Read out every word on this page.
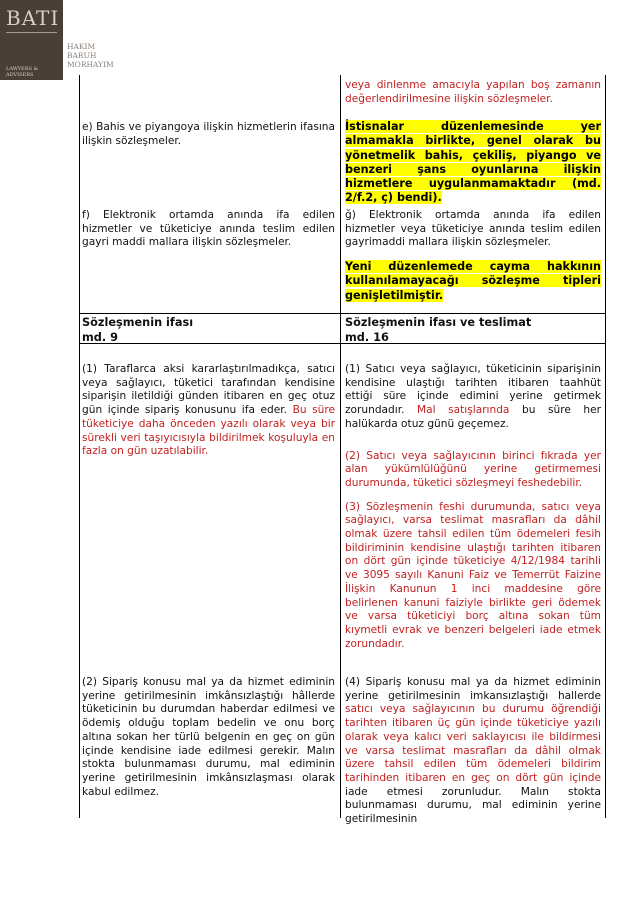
BATI
LAWYERS & ADVISERS
HAKIM
BARUH
MORHAYIM

veya dinlenme amacıyla yapılan boş zamanın değerlendirilmesine ilişkin sözleşmeler.

e) Bahis ve piyangoya ilişkin hizmetlerin ifasına ilişkin sözleşmeler.

İstisnalar düzenlemesinde yer almamakla birlikte, genel olarak bu yönetmelik bahis, çekiliş, piyango ve benzeri şans oyunlarına ilişkin hizmetlere uygulanmamaktadır (md. 2/f.2, ç) bendi).

f) Elektronik ortamda anında ifa edilen hizmetler ve tüketiciye anında teslim edilen gayri maddi mallara ilişkin sözleşmeler.

ğ) Elektronik ortamda anında ifa edilen hizmetler veya tüketiciye anında teslim edilen gayrimaddi mallara ilişkin sözleşmeler.

Yeni düzenlemede cayma hakkının kullanılamayacağı sözleşme tipleri genişletilmiştir.

Sözleşmenin ifası
md. 9
Sözleşmenin ifası ve teslimat
md. 16

(1) Taraflarca aksi kararlaştırılmadıkça, satıcı veya sağlayıcı, tüketici tarafından kendisine siparişin iletildiği günden itibaren en geç otuz gün içinde sipariş konusunu ifa eder. Bu süre tüketiciye daha önceden yazılı olarak veya bir sürekli veri taşıyıcısıyla bildirilmek koşuluyla en fazla on gün uzatılabilir.

(2) Sipariş konusu mal ya da hizmet ediminin yerine getirilmesinin imkânsızlaştığı hâllerde tüketicinin bu durumdan haberdar edilmesi ve ödemiş olduğu toplam bedelin ve onu borç altına sokan her türlü belgenin en geç on gün içinde kendisine iade edilmesi gerekir. Malın stokta bulunmaması durumu, mal ediminin yerine getirilmesinin imkânsızlaşması olarak kabul edilmez.

(1) Satıcı veya sağlayıcı, tüketicinin siparişinin kendisine ulaştığı tarihten itibaren taahhüt ettiği süre içinde edimini yerine getirmek zorundadır. Mal satışlarında bu süre her halükarda otuz günü geçemez.

(2) Satıcı veya sağlayıcının birinci fıkrada yer alan yükümlülüğünü yerine getirmemesi durumunda, tüketici sözleşmeyi feshedebilir.

(3) Sözleşmenin feshi durumunda, satıcı veya sağlayıcı, varsa teslimat masrafları da dâhil olmak üzere tahsil edilen tüm ödemeleri fesih bildiriminin kendisine ulaştığı tarihten itibaren on dört gün içinde tüketiciye 4/12/1984 tarihli ve 3095 sayılı Kanuni Faiz ve Temerrüt Faizine İlişkin Kanunun 1 inci maddesine göre belirlenen kanuni faiziyle birlikte geri ödemek ve varsa tüketiciyi borç altına sokan tüm kıymetli evrak ve benzeri belgeleri iade etmek zorundadır.

(4) Sipariş konusu mal ya da hizmet ediminin yerine getirilmesinin imkansızlaştığı hallerde satıcı veya sağlayıcının bu durumu öğrendiği tarihten itibaren üç gün içinde tüketiciye yazılı olarak veya kalıcı veri saklayıcısı ile bildirmesi ve varsa teslimat masrafları da dâhil olmak üzere tahsil edilen tüm ödemeleri bildirim tarihinden itibaren en geç on dört gün içinde iade etmesi zorunludur. Malın stokta bulunmaması durumu, mal ediminin yerine getirilmesinin
